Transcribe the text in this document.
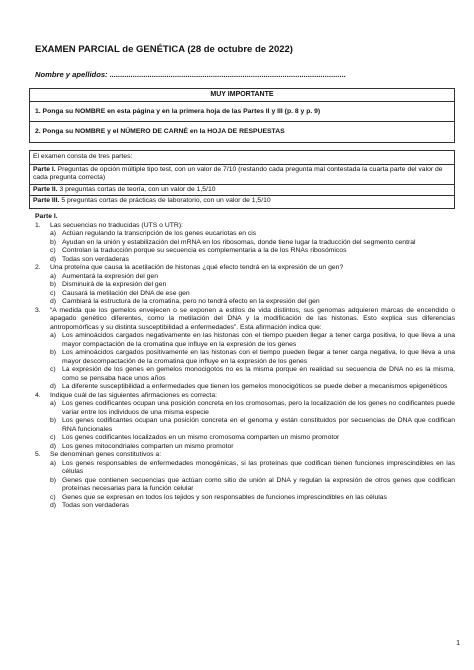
EXAMEN PARCIAL de GENÉTICA (28 de octubre de 2022)
Nombre y apellidos: ................................................................................................................
MUY IMPORTANTE
1. Ponga su NOMBRE en esta página y en la primera hoja de las Partes II y III (p. 8 y p. 9)
2. Ponga su NOMBRE y el NÚMERO DE CARNÉ en la HOJA DE RESPUESTAS
El examen consta de tres partes:
Parte I. Preguntas de opción múltiple tipo test, con un valor de 7/10 (restando cada pregunta mal contestada la cuarta parte del valor de cada pregunta correcta)
Parte II. 3 preguntas cortas de teoría, con un valor de 1,5/10
Parte III. 5 preguntas cortas de prácticas de laboratorio, con un valor de 1,5/10
Parte I.
1. Las secuencias no traducidas (UTS o UTR):
a) Actúan regulando la transcripción de los genes eucariotas en cis
b) Ayudan en la unión y estabilización del mRNA en los ribosomas, donde tiene lugar la traducción del segmento central
c) Controlan la traducción porque su secuencia es complementaria a la de los RNAs ribosómicos
d) Todas son verdaderas
2. Una proteína que causa la acetilación de histonas ¿qué efecto tendrá en la expresión de un gen?
a) Aumentará la expresión del gen
b) Disminuirá de la expresión del gen
c) Causará la metilación del DNA de ese gen
d) Cambiará la estructura de la cromatina, pero no tendrá efecto en la expresión del gen
3. “A medida que los gemelos envejecen o se exponen a estilos de vida distintos, sus genomas adquieren marcas de encendido o apagado genético diferentes, como la metilación del DNA y la modificación de las histonas. Esto explica sus diferencias antropomórficas y su distinta susceptibilidad a enfermedades”. Esta afirmación indica que:
a) Los aminoácidos cargados negativamente en las histonas con el tiempo pueden llegar a tener carga positiva, lo que lleva a una mayor compactación de la cromatina que influye en la expresión de los genes
b) Los aminoácidos cargados positivamente en las histonas con el tiempo pueden llegar a tener carga negativa, lo que lleva a una mayor descompactación de la cromatina que influye en la expresión de los genes
c) La expresión de los genes en gemelos monocigotos no es la misma porque en realidad su secuencia de DNA no es la misma, como se pensaba hace unos años
d) La diferente susceptibilidad a enfermedades que tienen los gemelos monocigóticos se puede deber a mecanismos epigenéticos
4. Indique cuál de las siguientes afirmaciones es correcta:
a) Los genes codificantes ocupan una posición concreta en los cromosomas, pero la localización de los genes no codificantes puede variar entre los individuos de una misma especie
b) Los genes codificantes ocupan una posición concreta en el genoma y están constituidos por secuencias de DNA que codifican RNA funcionales
c) Los genes codificantes localizados en un mismo cromosoma comparten un mismo promotor
d) Los genes mitocondriales comparten un mismo promotor
5. Se denominan genes constitutivos a:
a) Los genes responsables de enfermedades monogénicas, si las proteínas que codifican tienen funciones imprescindibles en las células
b) Genes que contienen secuencias que actúan como sitio de unión al DNA y regulan la expresión de otros genes que codifican proteínas necesarias para la función celular
c) Genes que se expresan en todos los tejidos y son responsables de funciones imprescindibles en las células
d) Todas son verdaderas
1
